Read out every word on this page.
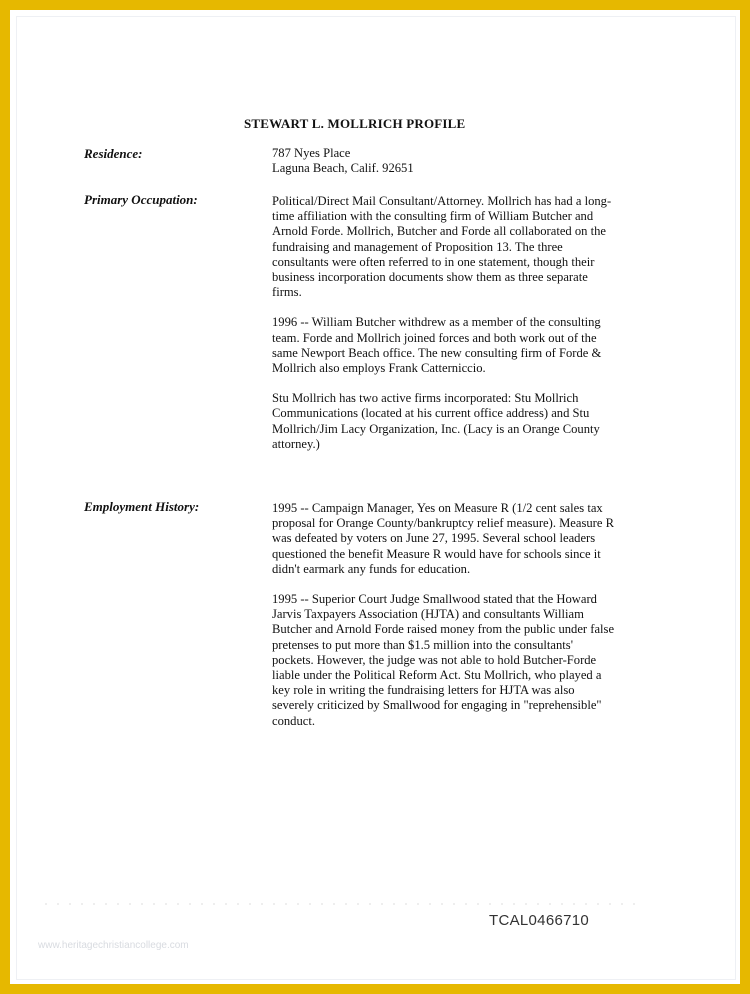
STEWART L. MOLLRICH PROFILE
Residence:	787 Nyes Place
Laguna Beach, Calif. 92651
Primary Occupation:	Political/Direct Mail Consultant/Attorney. Mollrich has had a long-time affiliation with the consulting firm of William Butcher and Arnold Forde. Mollrich, Butcher and Forde all collaborated on the fundraising and management of Proposition 13. The three consultants were often referred to in one statement, though their business incorporation documents show them as three separate firms.

1996 -- William Butcher withdrew as a member of the consulting team. Forde and Mollrich joined forces and both work out of the same Newport Beach office. The new consulting firm of Forde & Mollrich also employs Frank Catterniccio.

Stu Mollrich has two active firms incorporated: Stu Mollrich Communications (located at his current office address) and Stu Mollrich/Jim Lacy Organization, Inc. (Lacy is an Orange County attorney.)

Employment History:	1995 -- Campaign Manager, Yes on Measure R (1/2 cent sales tax proposal for Orange County/bankruptcy relief measure). Measure R was defeated by voters on June 27, 1995. Several school leaders questioned the benefit Measure R would have for schools since it didn't earmark any funds for education.

1995 -- Superior Court Judge Smallwood stated that the Howard Jarvis Taxpayers Association (HJTA) and consultants William Butcher and Arnold Forde raised money from the public under false pretenses to put more than $1.5 million into the consultants' pockets. However, the judge was not able to hold Butcher-Forde liable under the Political Reform Act. Stu Mollrich, who played a key role in writing the fundraising letters for HJTA was also severely criticized by Smallwood for engaging in "reprehensible" conduct.

TCAL0466710
www.heritagechristiancollege.com
